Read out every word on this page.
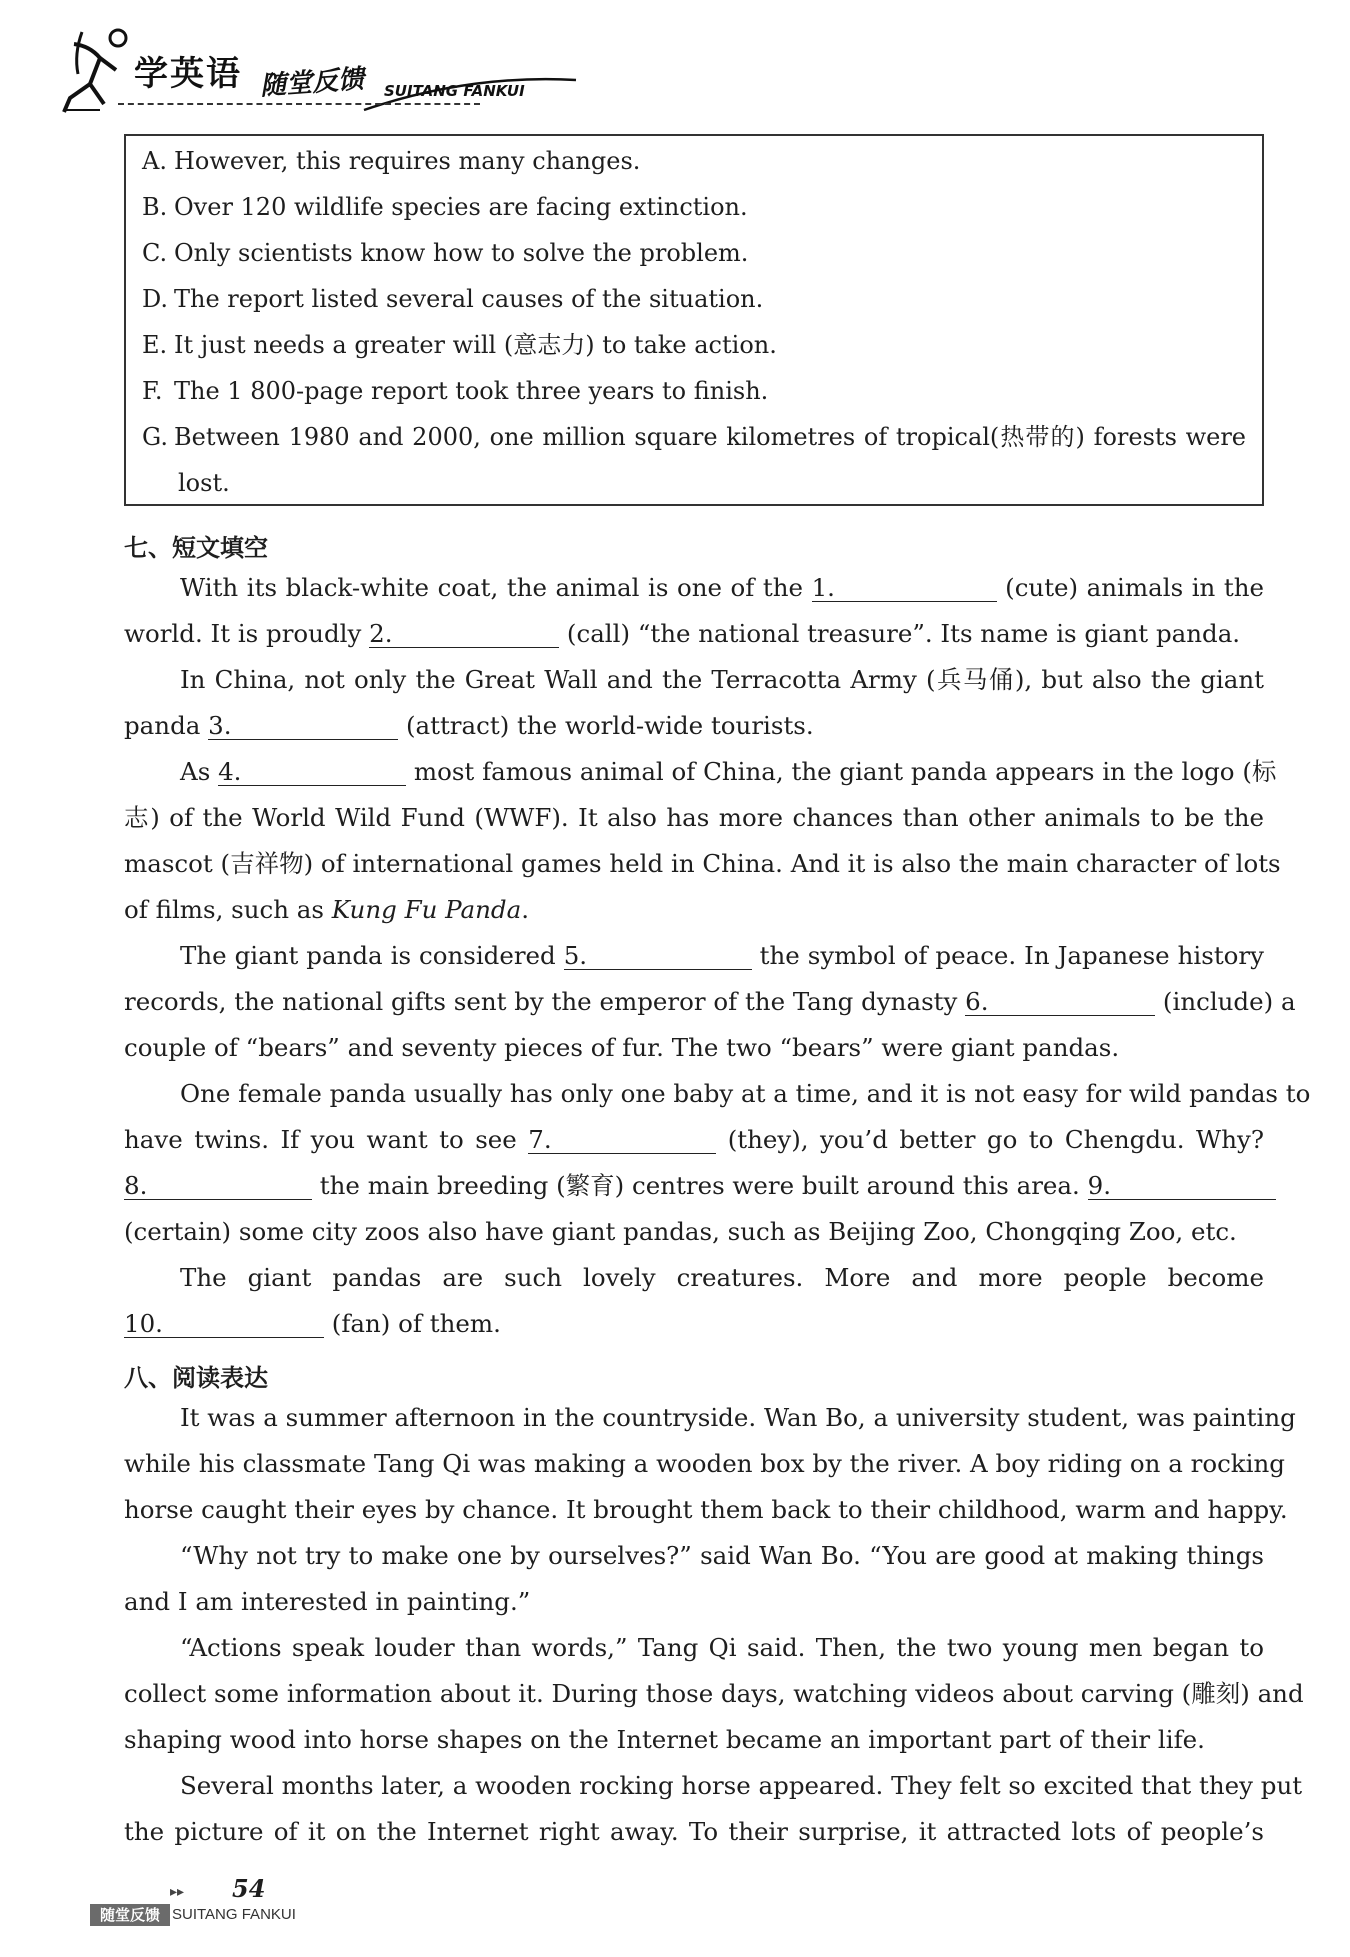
学英语 随堂反馈 SUITANG FANKUI
A. However, this requires many changes.
B. Over 120 wildlife species are facing extinction.
C. Only scientists know how to solve the problem.
D. The report listed several causes of the situation.
E. It just needs a greater will (意志力) to take action.
F. The 1 800-page report took three years to finish.
G. Between 1980 and 2000, one million square kilometres of tropical(热带的) forests were
lost.
七、短文填空
With its black-white coat, the animal is one of the 1.	(cute) animals in the
world. It is proudly 2.	(call) “the national treasure”. Its name is giant panda.
In China, not only the Great Wall and the Terracotta Army (兵马俑), but also the giant
panda 3.	(attract) the world-wide tourists.
As 4.	most famous animal of China, the giant panda appears in the logo (标
志) of the World Wild Fund (WWF). It also has more chances than other animals to be the
mascot (吉祥物) of international games held in China. And it is also the main character of lots
of films, such as Kung Fu Panda.
The giant panda is considered 5.	the symbol of peace. In Japanese history
records, the national gifts sent by the emperor of the Tang dynasty 6.	(include) a
couple of “bears” and seventy pieces of fur. The two “bears” were giant pandas.
One female panda usually has only one baby at a time, and it is not easy for wild pandas to
have twins. If you want to see 7.	(they), you’d better go to Chengdu. Why?
8.	the main breeding (繁育) centres were built around this area. 9.
(certain) some city zoos also have giant pandas, such as Beijing Zoo, Chongqing Zoo, etc.
The giant pandas are such lovely creatures. More and more people become
10.	(fan) of them.
八、阅读表达
It was a summer afternoon in the countryside. Wan Bo, a university student, was painting
while his classmate Tang Qi was making a wooden box by the river. A boy riding on a rocking
horse caught their eyes by chance. It brought them back to their childhood, warm and happy.
“Why not try to make one by ourselves?” said Wan Bo. “You are good at making things
and I am interested in painting.”
“Actions speak louder than words,” Tang Qi said. Then, the two young men began to
collect some information about it. During those days, watching videos about carving (雕刻) and
shaping wood into horse shapes on the Internet became an important part of their life.
Several months later, a wooden rocking horse appeared. They felt so excited that they put
the picture of it on the Internet right away. To their surprise, it attracted lots of people’s
▸▸ 54
随堂反馈 SUITANG FANKUI
